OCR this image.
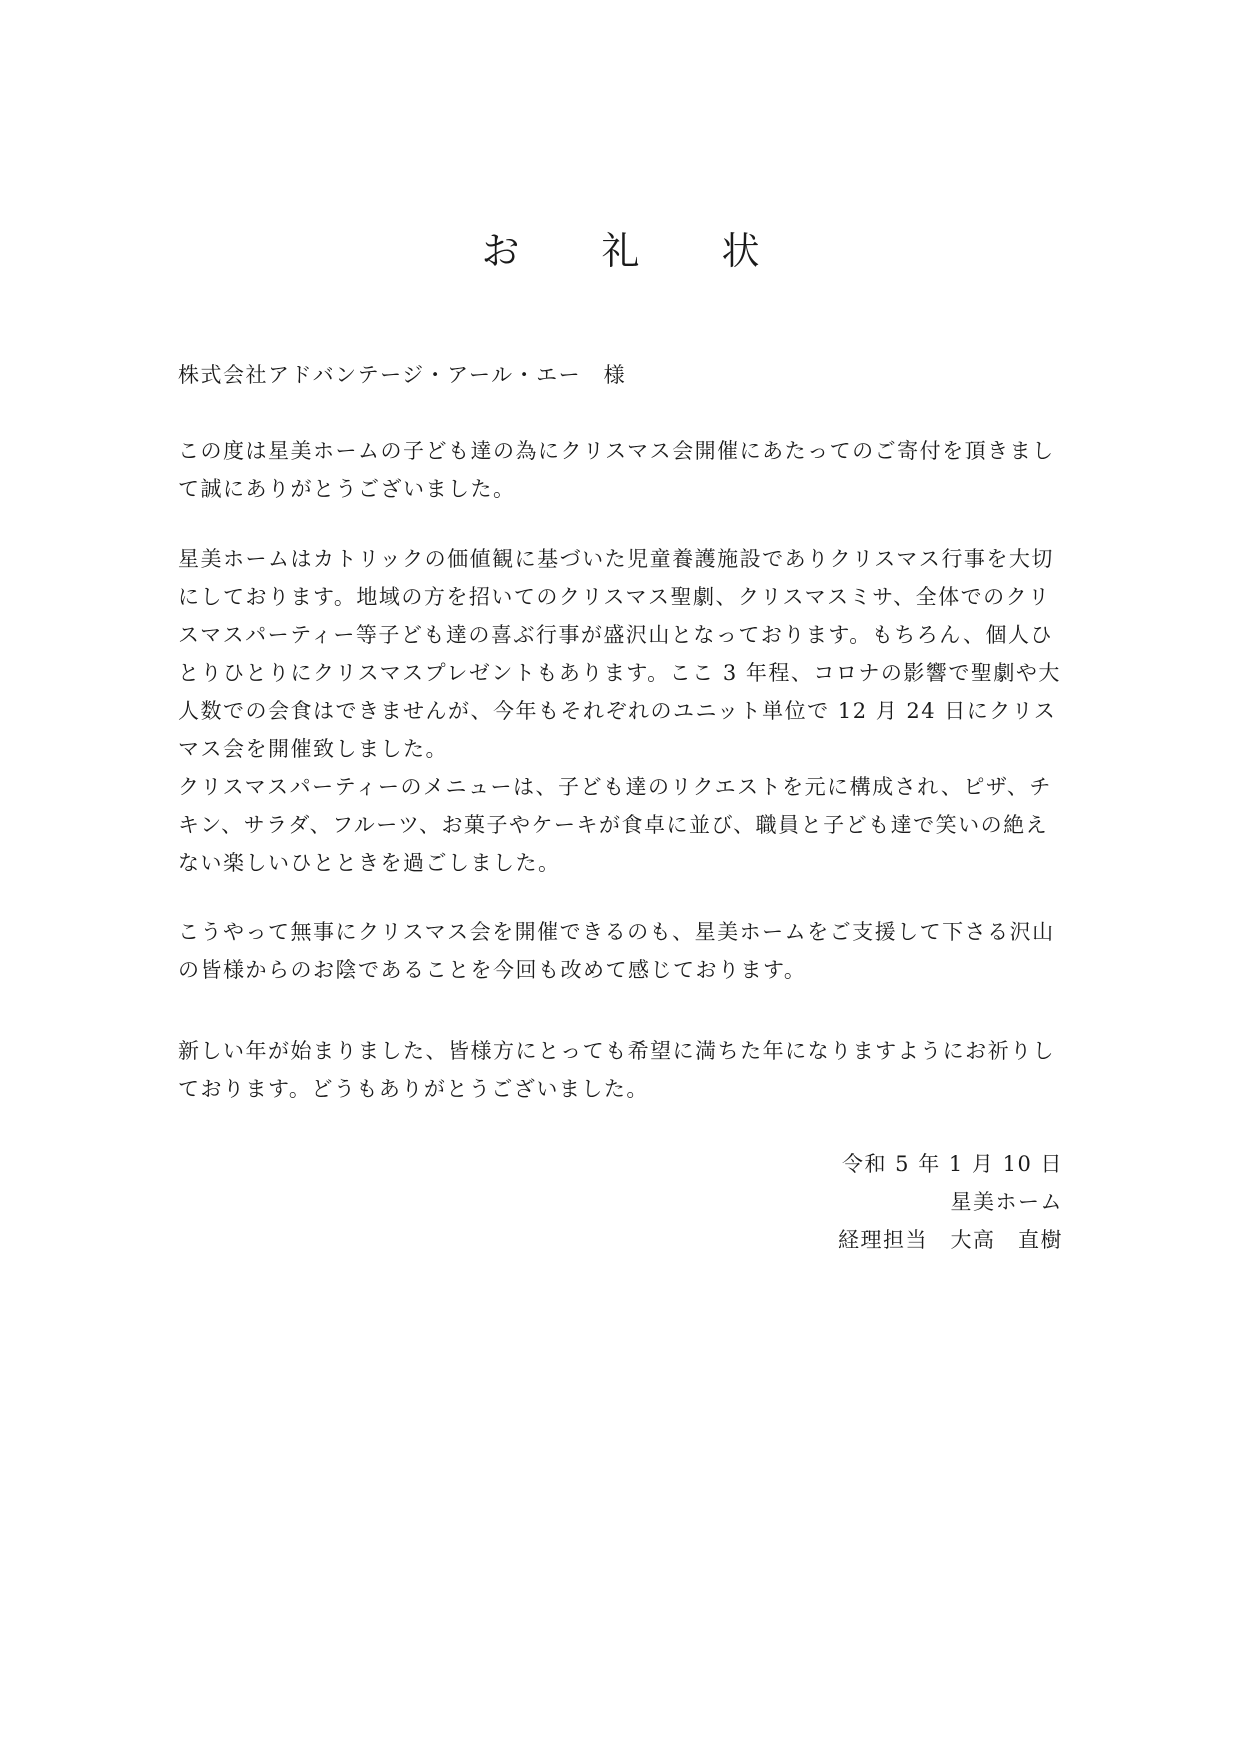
お　礼　状

株式会社アドバンテージ・アール・エー　様

この度は星美ホームの子ども達の為にクリスマス会開催にあたってのご寄付を頂きまして誠にありがとうございました。

星美ホームはカトリックの価値観に基づいた児童養護施設でありクリスマス行事を大切にしております。地域の方を招いてのクリスマス聖劇、クリスマスミサ、全体でのクリスマスパーティー等子ども達の喜ぶ行事が盛沢山となっております。もちろん、個人ひとりひとりにクリスマスプレゼントもあります。ここ 3 年程、コロナの影響で聖劇や大人数での会食はできませんが、今年もそれぞれのユニット単位で 12 月 24 日にクリスマス会を開催致しました。
クリスマスパーティーのメニューは、子ども達のリクエストを元に構成され、ピザ、チキン、サラダ、フルーツ、お菓子やケーキが食卓に並び、職員と子ども達で笑いの絶えない楽しいひとときを過ごしました。

こうやって無事にクリスマス会を開催できるのも、星美ホームをご支援して下さる沢山の皆様からのお陰であることを今回も改めて感じております。

新しい年が始まりました、皆様方にとっても希望に満ちた年になりますようにお祈りしております。どうもありがとうございました。

令和 5 年 1 月 10 日
星美ホーム
経理担当　大高　直樹
